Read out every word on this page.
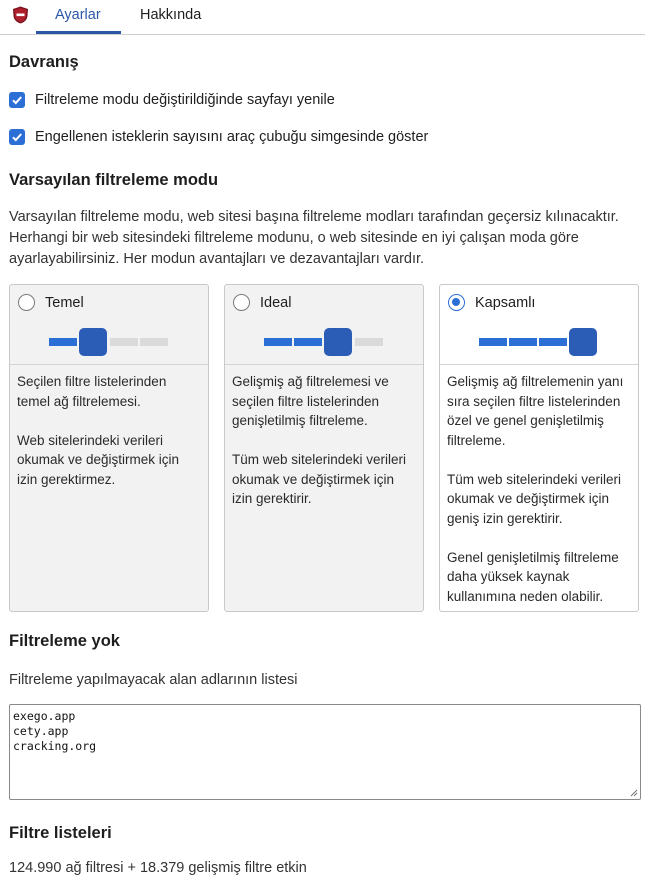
Ayarlar	Hakkında
Davranış
Filtreleme modu değiştirildiğinde sayfayı yenile
Engellenen isteklerin sayısını araç çubuğu simgesinde göster
Varsayılan filtreleme modu
Varsayılan filtreleme modu, web sitesi başına filtreleme modları tarafından geçersiz kılınacaktır. Herhangi bir web sitesindeki filtreleme modunu, o web sitesinde en iyi çalışan moda göre ayarlayabilirsiniz. Her modun avantajları ve dezavantajları vardır.
Temel

Seçilen filtre listelerinden temel ağ filtrelemesi.

Web sitelerindeki verileri okumak ve değiştirmek için izin gerektirmez.

Ideal

Gelişmiş ağ filtrelemesi ve seçilen filtre listelerinden genişletilmiş filtreleme.

Tüm web sitelerindeki verileri okumak ve değiştirmek için izin gerektirir.

Kapsamlı

Gelişmiş ağ filtrelemenin yanı sıra seçilen filtre listelerinden özel ve genel genişletilmiş filtreleme.

Tüm web sitelerindeki verileri okumak ve değiştirmek için geniş izin gerektirir.

Genel genişletilmiş filtreleme daha yüksek kaynak kullanımına neden olabilir.

Filtreleme yok
Filtreleme yapılmayacak alan adlarının listesi
exego.app
cety.app
cracking.org
Filtre listeleri
124.990 ağ filtresi + 18.379 gelişmiş filtre etkin
